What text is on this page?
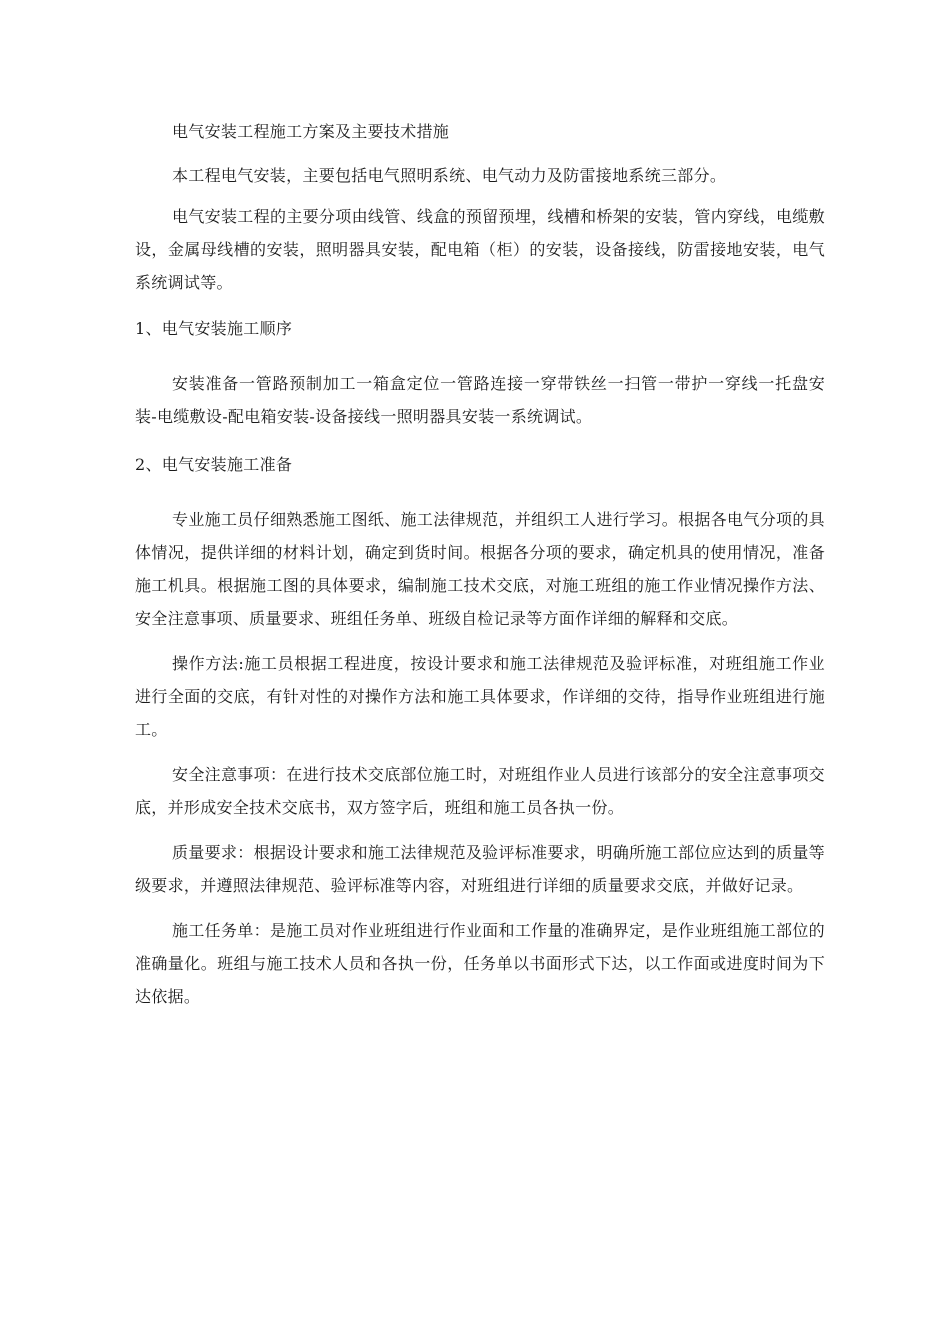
电气安装工程施工方案及主要技术措施

本工程电气安装，主要包括电气照明系统、电气动力及防雷接地系统三部分。

电气安装工程的主要分项由线管、线盒的预留预埋，线槽和桥架的安装，管内穿线，电缆敷设，金属母线槽的安装，照明器具安装，配电箱（柜）的安装，设备接线，防雷接地安装，电气系统调试等。

1、电气安装施工顺序

安装准备一管路预制加工一箱盒定位一管路连接一穿带铁丝一扫管一带护一穿线一托盘安装-电缆敷设-配电箱安装-设备接线一照明器具安装一系统调试。

2、电气安装施工准备

专业施工员仔细熟悉施工图纸、施工法律规范，并组织工人进行学习。根据各电气分项的具体情况，提供详细的材料计划，确定到货时间。根据各分项的要求，确定机具的使用情况，准备施工机具。根据施工图的具体要求，编制施工技术交底，对施工班组的施工作业情况操作方法、安全注意事项、质量要求、班组任务单、班级自检记录等方面作详细的解释和交底。

操作方法:施工员根据工程进度，按设计要求和施工法律规范及验评标准，对班组施工作业进行全面的交底，有针对性的对操作方法和施工具体要求，作详细的交待，指导作业班组进行施工。

安全注意事项：在进行技术交底部位施工时，对班组作业人员进行该部分的安全注意事项交底，并形成安全技术交底书，双方签字后，班组和施工员各执一份。

质量要求：根据设计要求和施工法律规范及验评标准要求，明确所施工部位应达到的质量等级要求，并遵照法律规范、验评标准等内容，对班组进行详细的质量要求交底，并做好记录。

施工任务单：是施工员对作业班组进行作业面和工作量的准确界定，是作业班组施工部位的准确量化。班组与施工技术人员和各执一份，任务单以书面形式下达，以工作面或进度时间为下达依据。
